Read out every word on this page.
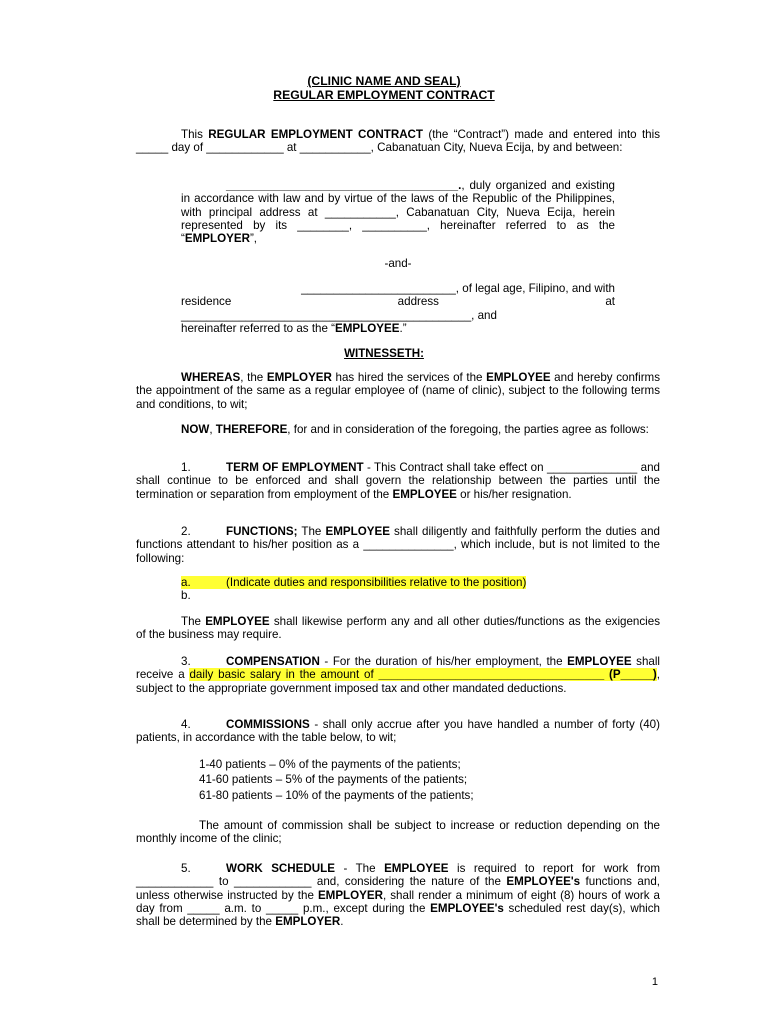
(CLINIC NAME AND SEAL)
REGULAR EMPLOYMENT CONTRACT

This REGULAR EMPLOYMENT CONTRACT (the “Contract”) made and entered into this _____ day of ____________ at ___________, Cabanatuan City, Nueva Ecija, by and between:

____________________________________., duly organized and existing in accordance with law and by virtue of the laws of the Republic of the Philippines, with principal address at ___________, Cabanatuan City, Nueva Ecija, herein represented by its ________, __________, hereinafter referred to as the “EMPLOYER”,

-and-
________________________, of legal age, Filipino, and with
residence	address	at
_____________________________________________, and
hereinafter referred to as the “EMPLOYEE.”
WITNESSETH:

WHEREAS, the EMPLOYER has hired the services of the EMPLOYEE and hereby confirms the appointment of the same as a regular employee of (name of clinic), subject to the following terms and conditions, to wit;

NOW, THEREFORE, for and in consideration of the foregoing, the parties agree as follows:

1.	TERM OF EMPLOYMENT - This Contract shall take effect on ______________ and shall continue to be enforced and shall govern the relationship between the parties until the termination or separation from employment of the EMPLOYEE or his/her resignation.

2.	FUNCTIONS; The EMPLOYEE shall diligently and faithfully perform the duties and functions attendant to his/her position as a ______________, which include, but is not limited to the following:

a.	(Indicate duties and responsibilities relative to the position)
b.

The EMPLOYEE shall likewise perform any and all other duties/functions as the exigencies of the business may require.

3.	COMPENSATION - For the duration of his/her employment, the EMPLOYEE shall receive a daily basic salary in the amount of ___________________________________ (P_____), subject to the appropriate government imposed tax and other mandated deductions.

4.	COMMISSIONS - shall only accrue after you have handled a number of forty (40) patients, in accordance with the table below, to wit;

1-40 patients – 0% of the payments of the patients;
41-60 patients – 5% of the payments of the patients;
61-80 patients – 10% of the payments of the patients;

The amount of commission shall be subject to increase or reduction depending on the monthly income of the clinic;

5.	WORK SCHEDULE - The EMPLOYEE is required to report for work from ____________ to ____________ and, considering the nature of the EMPLOYEE's functions and, unless otherwise instructed by the EMPLOYER, shall render a minimum of eight (8) hours of work a day from _____ a.m. to _____ p.m., except during the EMPLOYEE's scheduled rest day(s), which shall be determined by the EMPLOYER.

1
